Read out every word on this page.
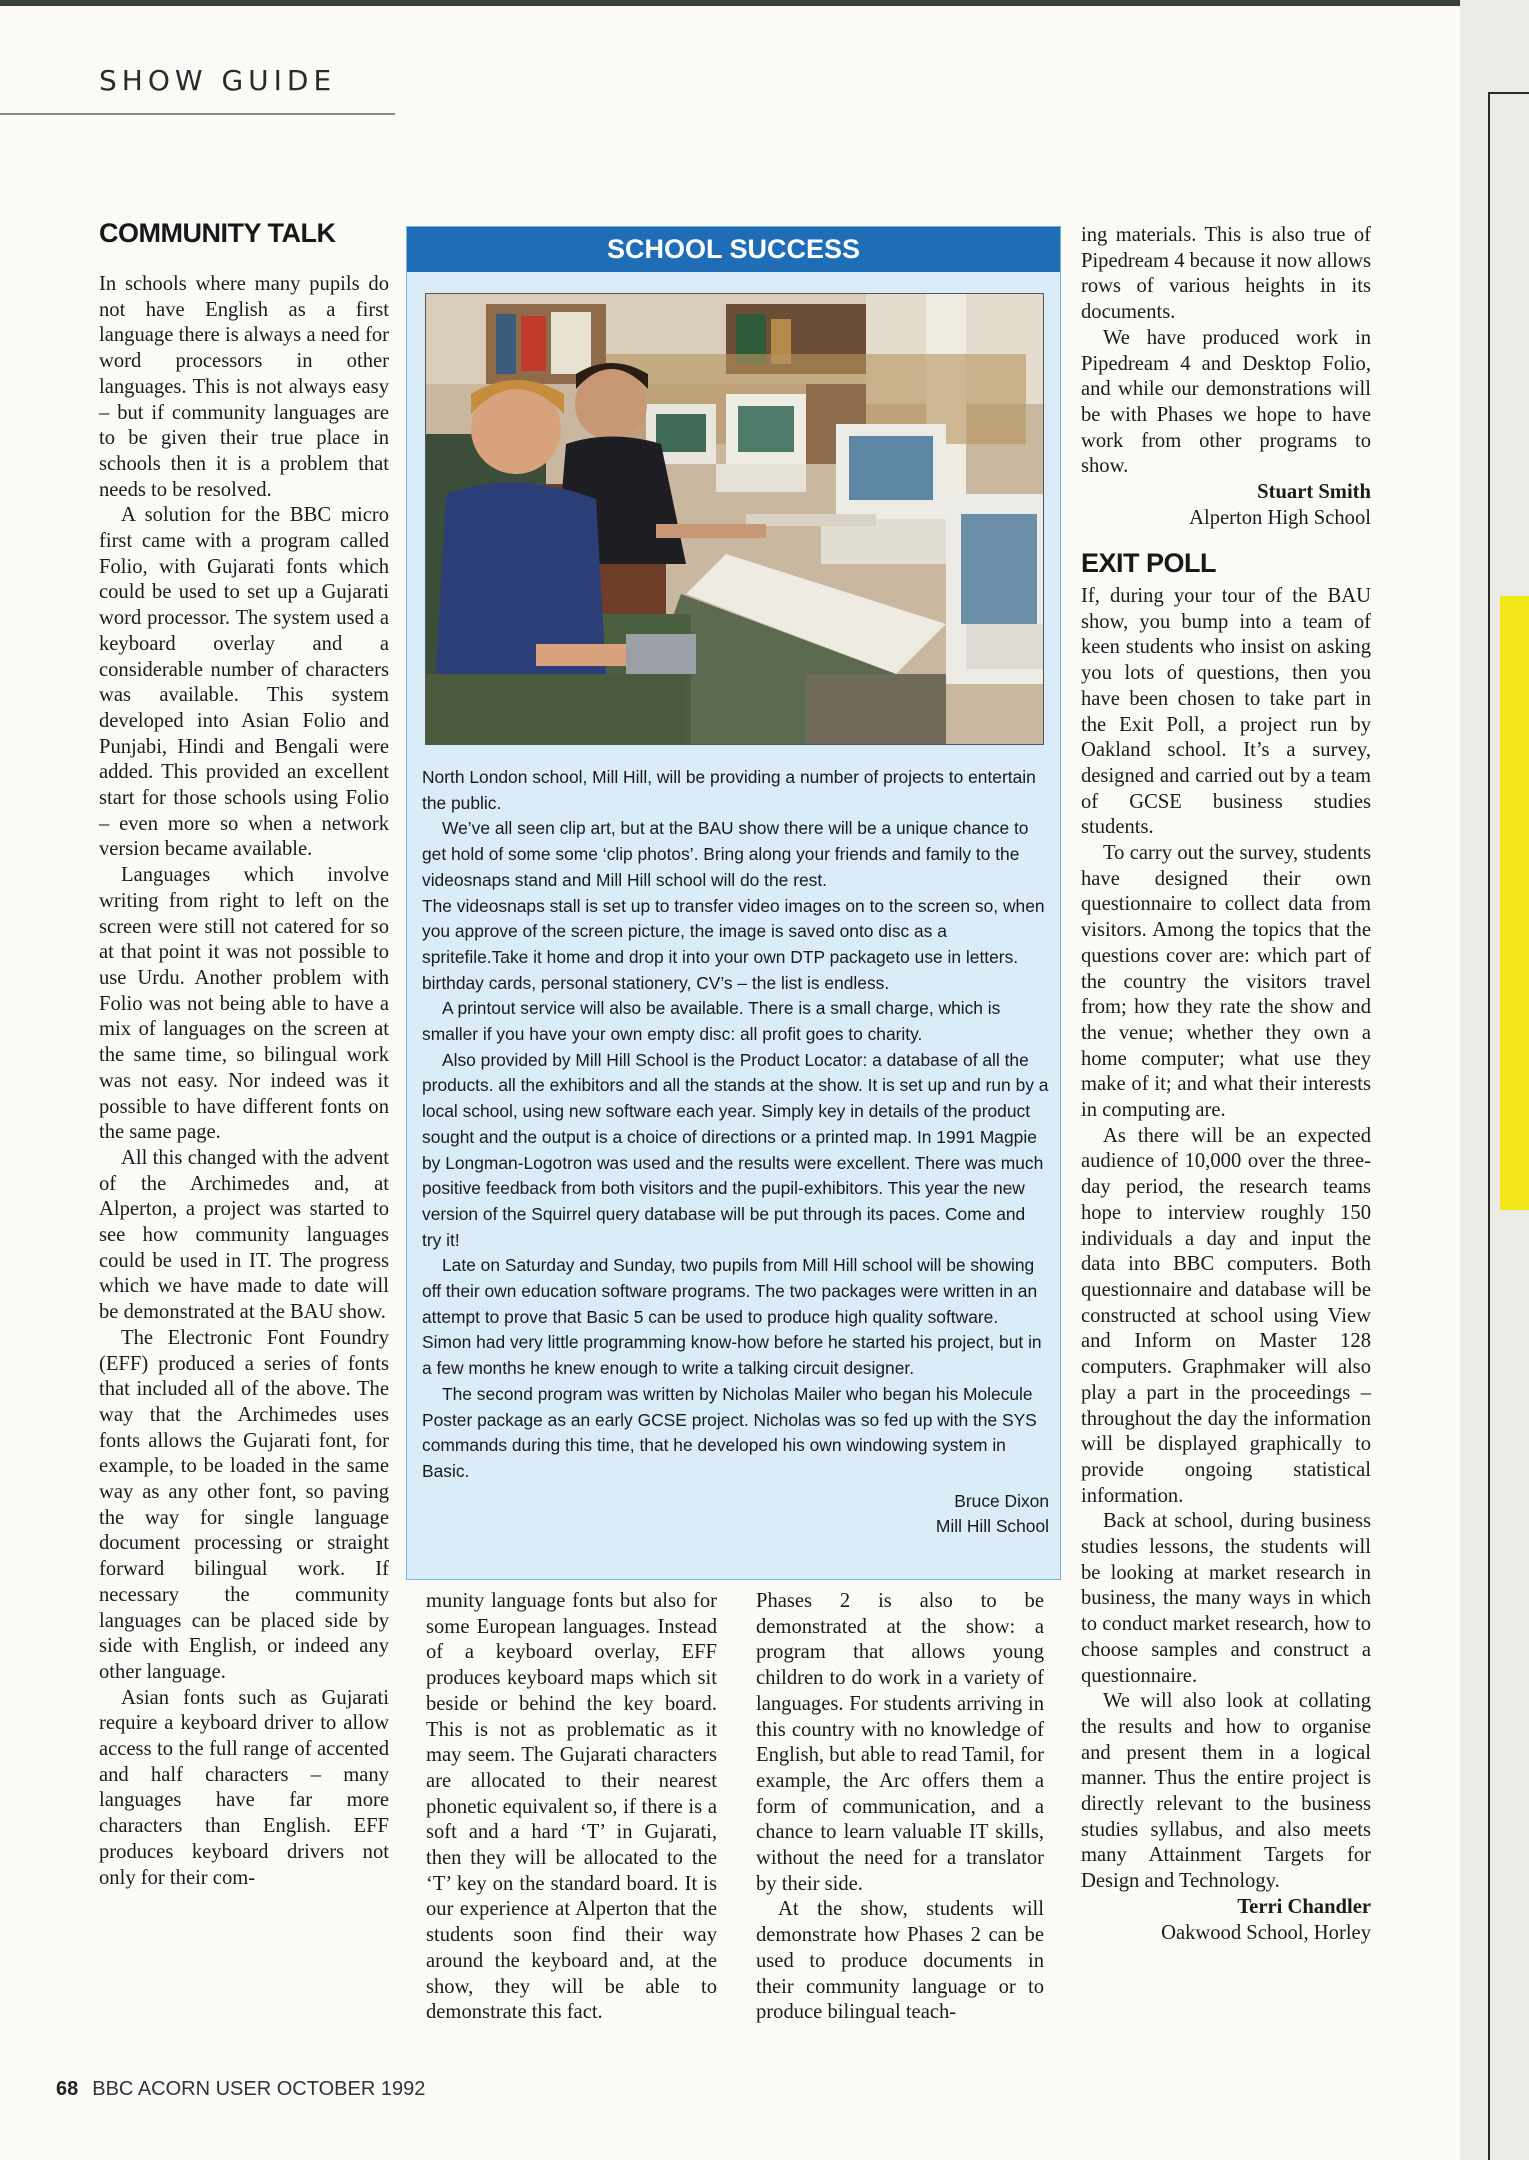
SHOW GUIDE
COMMUNITY TALK

In schools where many pupils do not have English as a first language there is always a need for word processors in other languages. This is not always easy – but if community languages are to be given their true place in schools then it is a problem that needs to be resolved.

A solution for the BBC micro first came with a program called Folio, with Gujarati fonts which could be used to set up a Gujarati word processor. The system used a keyboard overlay and a considerable number of characters was available. This system developed into Asian Folio and Punjabi, Hindi and Bengali were added. This provided an excellent start for those schools using Folio – even more so when a network version became available.

Languages which involve writing from right to left on the screen were still not catered for so at that point it was not possible to use Urdu. Another problem with Folio was not being able to have a mix of languages on the screen at the same time, so bilingual work was not easy. Nor indeed was it possible to have different fonts on the same page.

All this changed with the advent of the Archimedes and, at Alperton, a project was started to see how community languages could be used in IT. The progress which we have made to date will be demonstrated at the BAU show.

The Electronic Font Foundry (EFF) produced a series of fonts that included all of the above. The way that the Archimedes uses fonts allows the Gujarati font, for example, to be loaded in the same way as any other font, so paving the way for single language document processing or straight forward bilingual work. If necessary the community languages can be placed side by side with English, or indeed any other language.

Asian fonts such as Gujarati require a keyboard driver to allow access to the full range of accented and half characters – many languages have far more characters than English. EFF produces keyboard drivers not only for their com-

SCHOOL SUCCESS

North London school, Mill Hill, will be providing a number of projects to entertain the public.

We’ve all seen clip art, but at the BAU show there will be a unique chance to get hold of some some ‘clip photos’. Bring along your friends and family to the videosnaps stand and Mill Hill school will do the rest.

The videosnaps stall is set up to transfer video images on to the screen so, when you approve of the screen picture, the image is saved onto disc as a spritefile.Take it home and drop it into your own DTP packageto use in letters. birthday cards, personal stationery, CV’s – the list is endless.

A printout service will also be available. There is a small charge, which is smaller if you have your own empty disc: all profit goes to charity.

Also provided by Mill Hill School is the Product Locator: a database of all the products. all the exhibitors and all the stands at the show. It is set up and run by a local school, using new software each year. Simply key in details of the product sought and the output is a choice of directions or a printed map. In 1991 Magpie by Longman-Logotron was used and the results were excellent. There was much positive feedback from both visitors and the pupil-exhibitors. This year the new version of the Squirrel query database will be put through its paces. Come and try it!

Late on Saturday and Sunday, two pupils from Mill Hill school will be showing off their own education software programs. The two packages were written in an attempt to prove that Basic 5 can be used to produce high quality software. Simon had very little programming know-how before he started his project, but in a few months he knew enough to write a talking circuit designer.

The second program was written by Nicholas Mailer who began his Molecule Poster package as an early GCSE project. Nicholas was so fed up with the SYS commands during this time, that he developed his own windowing system in Basic.

Bruce Dixon

Mill Hill School

munity language fonts but also for some European languages. Instead of a keyboard overlay, EFF produces keyboard maps which sit beside or behind the key board. This is not as problematic as it may seem. The Gujarati characters are allocated to their nearest phonetic equivalent so, if there is a soft and a hard ‘T’ in Gujarati, then they will be allocated to the ‘T’ key on the standard board. It is our experience at Alperton that the students soon find their way around the keyboard and, at the show, they will be able to demonstrate this fact.

Phases 2 is also to be demonstrated at the show: a program that allows young children to do work in a variety of languages. For students arriving in this country with no knowledge of English, but able to read Tamil, for example, the Arc offers them a form of communication, and a chance to learn valuable IT skills, without the need for a translator by their side.

At the show, students will demonstrate how Phases 2 can be used to produce documents in their community language or to produce bilingual teach-

ing materials. This is also true of Pipedream 4 because it now allows rows of various heights in its documents.

We have produced work in Pipedream 4 and Desktop Folio, and while our demonstrations will be with Phases we hope to have work from other programs to show.

Stuart Smith

Alperton High School

EXIT POLL

If, during your tour of the BAU show, you bump into a team of keen students who insist on asking you lots of questions, then you have been chosen to take part in the Exit Poll, a project run by Oakland school. It’s a survey, designed and carried out by a team of GCSE business studies students.

To carry out the survey, students have designed their own questionnaire to collect data from visitors. Among the topics that the questions cover are: which part of the country the visitors travel from; how they rate the show and the venue; whether they own a home computer; what use they make of it; and what their interests in computing are.

As there will be an expected audience of 10,000 over the three-day period, the research teams hope to interview roughly 150 individuals a day and input the data into BBC computers. Both questionnaire and database will be constructed at school using View and Inform on Master 128 computers. Graphmaker will also play a part in the proceedings – throughout the day the information will be displayed graphically to provide ongoing statistical information.

Back at school, during business studies lessons, the students will be looking at market research in business, the many ways in which to conduct market research, how to choose samples and construct a questionnaire.

We will also look at collating the results and how to organise and present them in a logical manner. Thus the entire project is directly relevant to the business studies syllabus, and also meets many Attainment Targets for Design and Technology.

Terri Chandler

Oakwood School, Horley

68 BBC ACORN USER OCTOBER 1992
